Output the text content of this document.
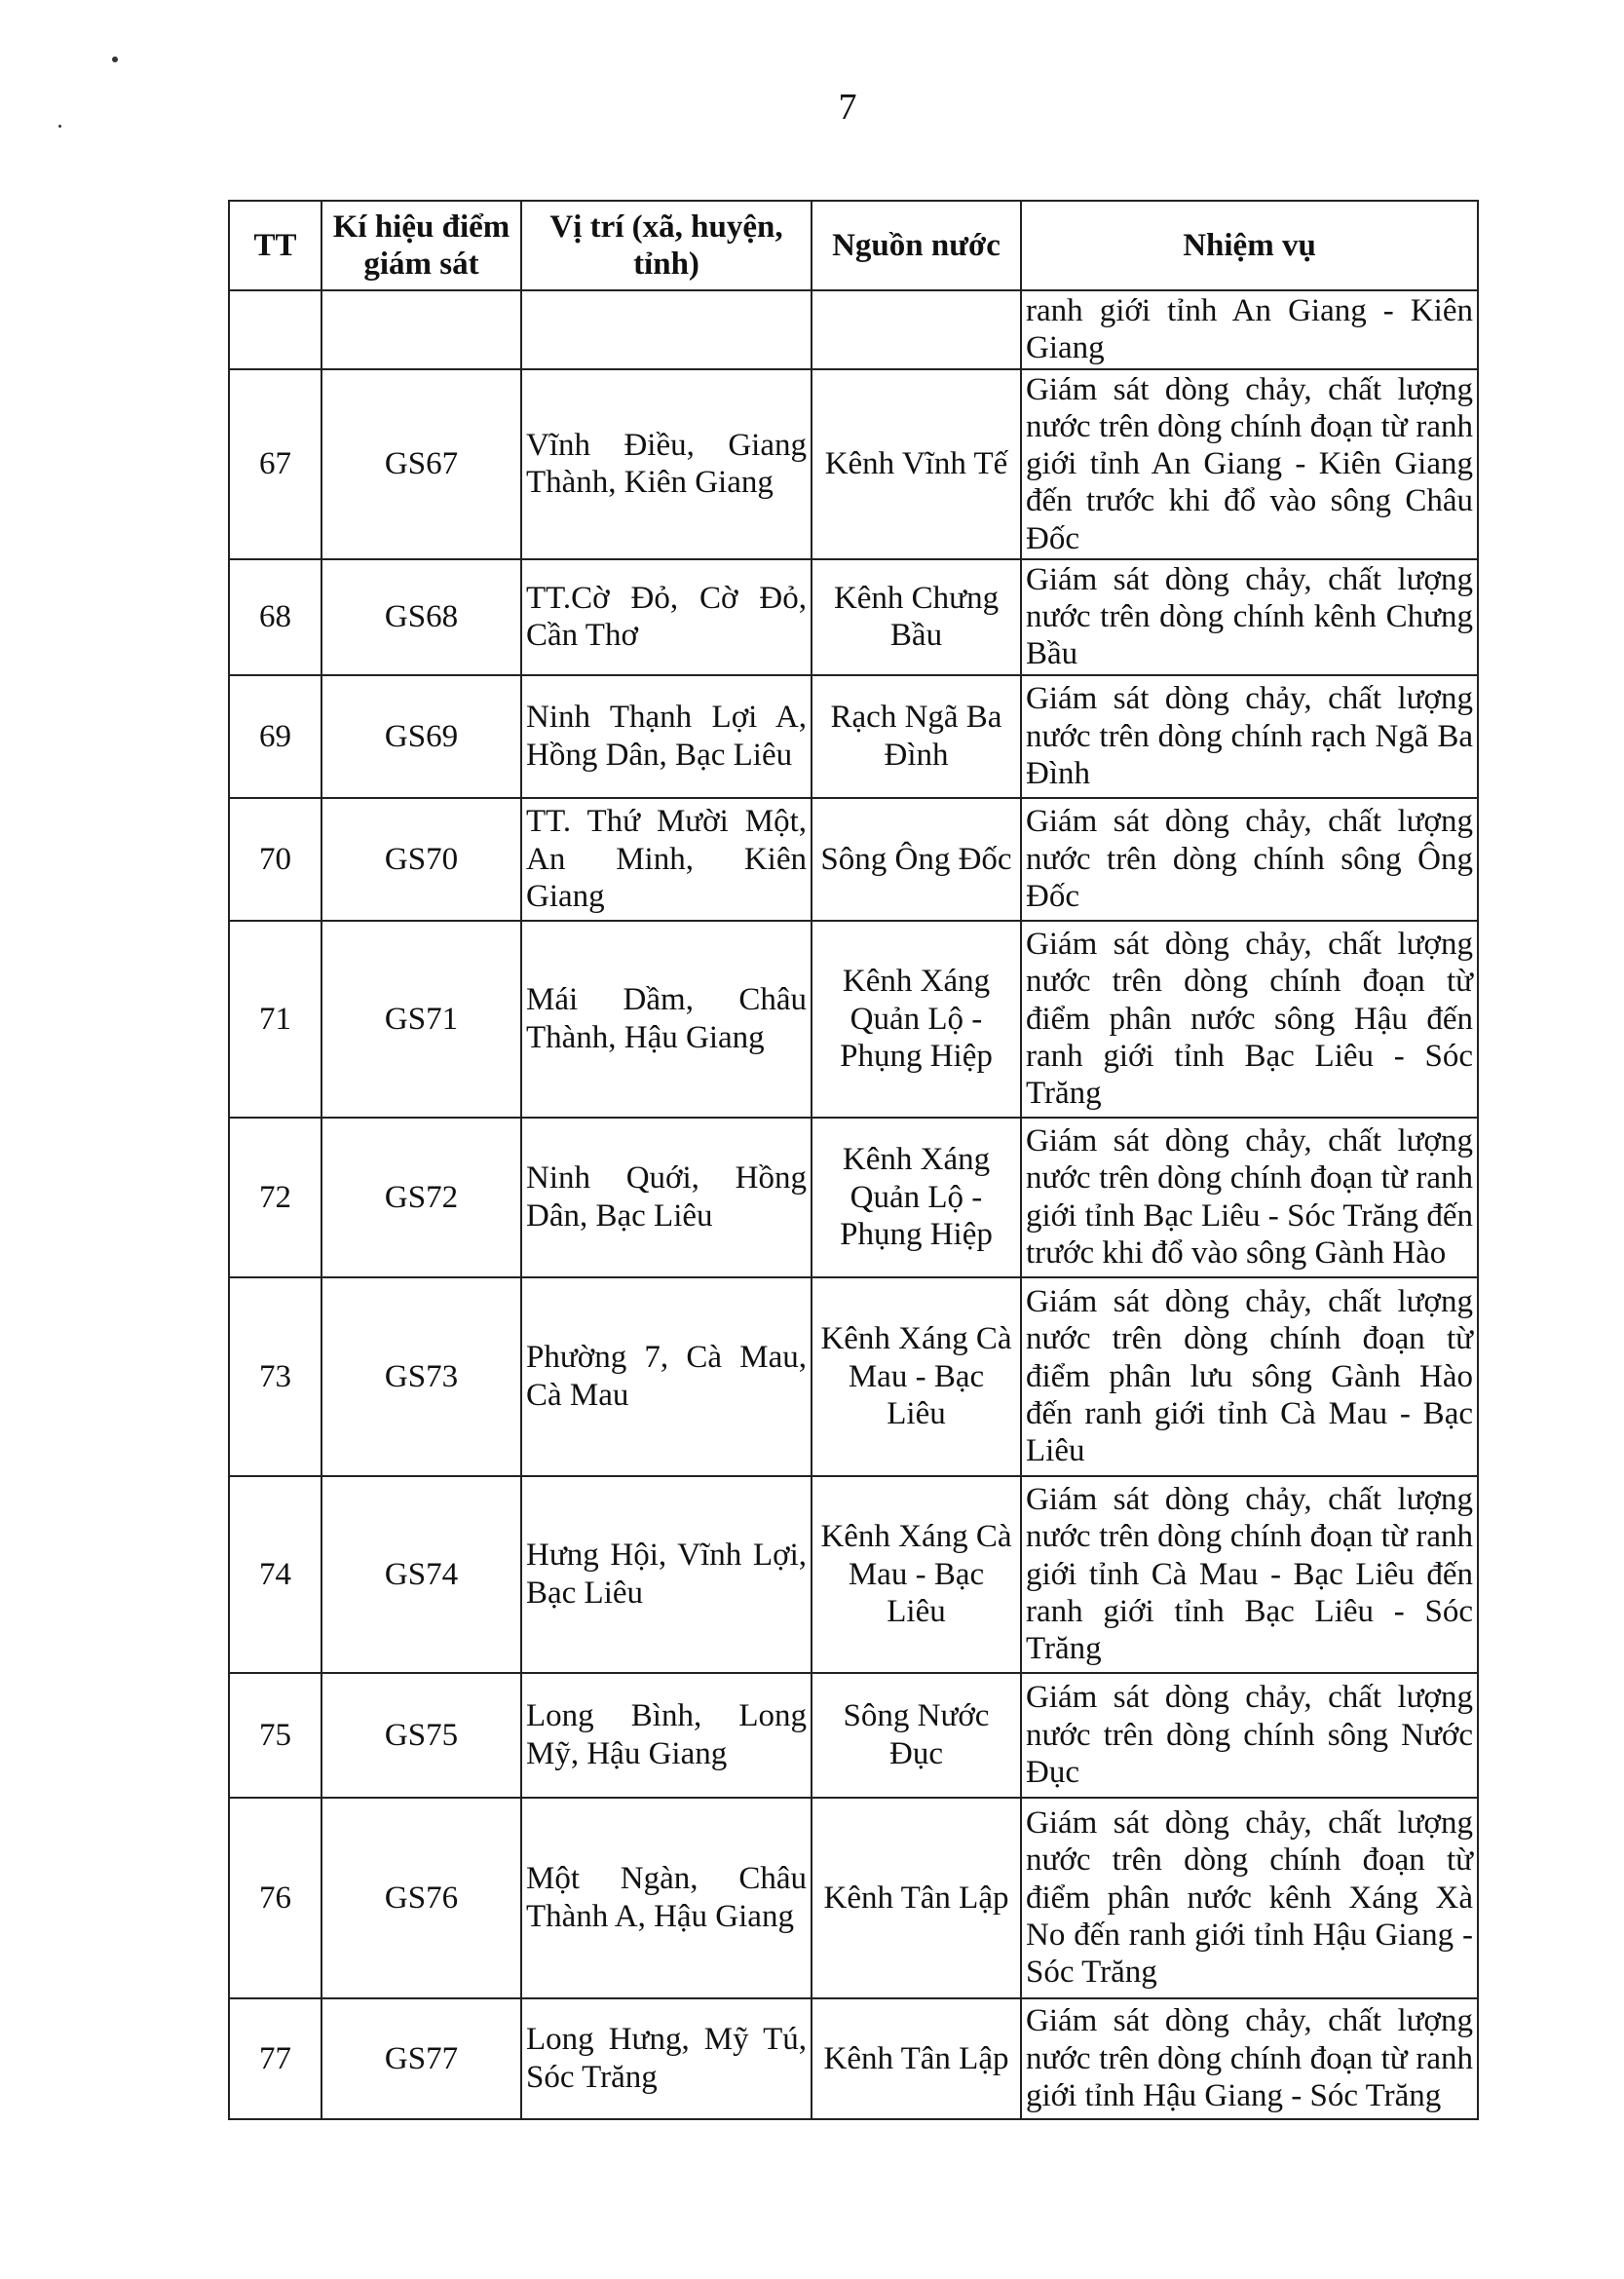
7
TT	Kí hiệu điểm giám sát	Vị trí (xã, huyện, tỉnh)	Nguồn nước	Nhiệm vụ
				ranh giới tỉnh An Giang - Kiên Giang
67	GS67	Vĩnh Điều, Giang Thành, Kiên Giang	Kênh Vĩnh Tế	Giám sát dòng chảy, chất lượng nước trên dòng chính đoạn từ ranh giới tỉnh An Giang - Kiên Giang đến trước khi đổ vào sông Châu Đốc
68	GS68	TT.Cờ Đỏ, Cờ Đỏ, Cần Thơ	Kênh Chưng Bầu	Giám sát dòng chảy, chất lượng nước trên dòng chính kênh Chưng Bầu
69	GS69	Ninh Thạnh Lợi A, Hồng Dân, Bạc Liêu	Rạch Ngã Ba Đình	Giám sát dòng chảy, chất lượng nước trên dòng chính rạch Ngã Ba Đình
70	GS70	TT. Thứ Mười Một, An Minh, Kiên Giang	Sông Ông Đốc	Giám sát dòng chảy, chất lượng nước trên dòng chính sông Ông Đốc
71	GS71	Mái Dầm, Châu Thành, Hậu Giang	Kênh Xáng Quản Lộ - Phụng Hiệp	Giám sát dòng chảy, chất lượng nước trên dòng chính đoạn từ điểm phân nước sông Hậu đến ranh giới tỉnh Bạc Liêu - Sóc Trăng
72	GS72	Ninh Quới, Hồng Dân, Bạc Liêu	Kênh Xáng Quản Lộ - Phụng Hiệp	Giám sát dòng chảy, chất lượng nước trên dòng chính đoạn từ ranh giới tỉnh Bạc Liêu - Sóc Trăng đến trước khi đổ vào sông Gành Hào
73	GS73	Phường 7, Cà Mau, Cà Mau	Kênh Xáng Cà Mau - Bạc Liêu	Giám sát dòng chảy, chất lượng nước trên dòng chính đoạn từ điểm phân lưu sông Gành Hào đến ranh giới tỉnh Cà Mau - Bạc Liêu
74	GS74	Hưng Hội, Vĩnh Lợi, Bạc Liêu	Kênh Xáng Cà Mau - Bạc Liêu	Giám sát dòng chảy, chất lượng nước trên dòng chính đoạn từ ranh giới tỉnh Cà Mau - Bạc Liêu đến ranh giới tỉnh Bạc Liêu - Sóc Trăng
75	GS75	Long Bình, Long Mỹ, Hậu Giang	Sông Nước Đục	Giám sát dòng chảy, chất lượng nước trên dòng chính sông Nước Đục
76	GS76	Một Ngàn, Châu Thành A, Hậu Giang	Kênh Tân Lập	Giám sát dòng chảy, chất lượng nước trên dòng chính đoạn từ điểm phân nước kênh Xáng Xà No đến ranh giới tỉnh Hậu Giang - Sóc Trăng
77	GS77	Long Hưng, Mỹ Tú, Sóc Trăng	Kênh Tân Lập	Giám sát dòng chảy, chất lượng nước trên dòng chính đoạn từ ranh giới tỉnh Hậu Giang - Sóc Trăng
